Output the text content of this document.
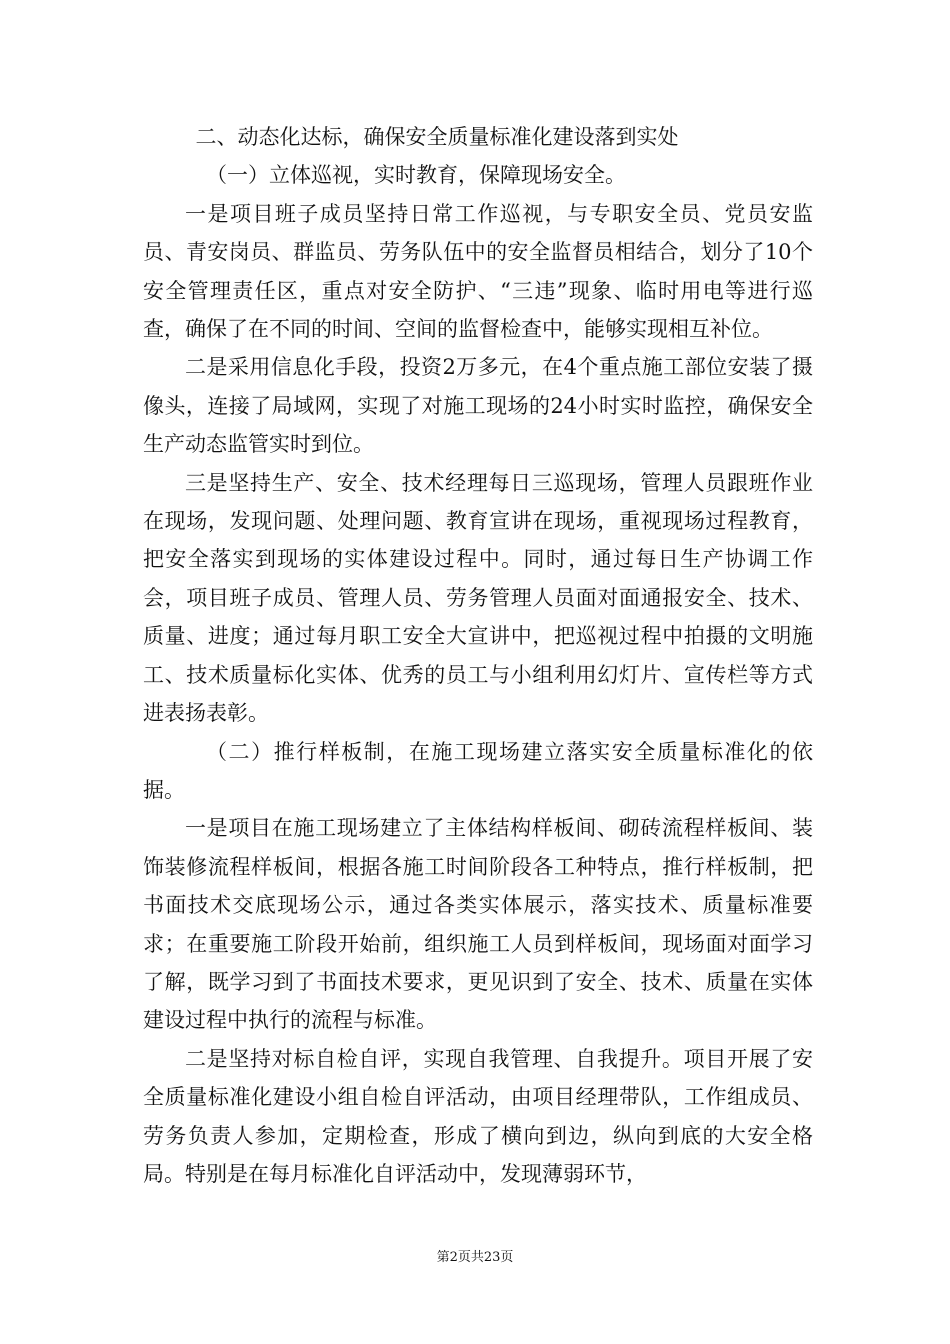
二、动态化达标，确保安全质量标准化建设落到实处

（一）立体巡视，实时教育，保障现场安全。

一是项目班子成员坚持日常工作巡视，与专职安全员、党员安监员、青安岗员、群监员、劳务队伍中的安全监督员相结合，划分了10个安全管理责任区，重点对安全防护、“三违”现象、临时用电等进行巡查，确保了在不同的时间、空间的监督检查中，能够实现相互补位。

二是采用信息化手段，投资2万多元，在4个重点施工部位安装了摄像头，连接了局域网，实现了对施工现场的24小时实时监控，确保安全生产动态监管实时到位。

三是坚持生产、安全、技术经理每日三巡现场，管理人员跟班作业在现场，发现问题、处理问题、教育宣讲在现场，重视现场过程教育，把安全落实到现场的实体建设过程中。同时，通过每日生产协调工作会，项目班子成员、管理人员、劳务管理人员面对面通报安全、技术、质量、进度；通过每月职工安全大宣讲中，把巡视过程中拍摄的文明施工、技术质量标化实体、优秀的员工与小组利用幻灯片、宣传栏等方式进表扬表彰。

（二）推行样板制，在施工现场建立落实安全质量标准化的依据。

一是项目在施工现场建立了主体结构样板间、砌砖流程样板间、装饰装修流程样板间，根据各施工时间阶段各工种特点，推行样板制，把书面技术交底现场公示，通过各类实体展示，落实技术、质量标准要求；在重要施工阶段开始前，组织施工人员到样板间，现场面对面学习了解，既学习到了书面技术要求，更见识到了安全、技术、质量在实体建设过程中执行的流程与标准。

二是坚持对标自检自评，实现自我管理、自我提升。项目开展了安全质量标准化建设小组自检自评活动，由项目经理带队，工作组成员、劳务负责人参加，定期检查，形成了横向到边，纵向到底的大安全格局。特别是在每月标准化自评活动中，发现薄弱环节，

第2页共23页
